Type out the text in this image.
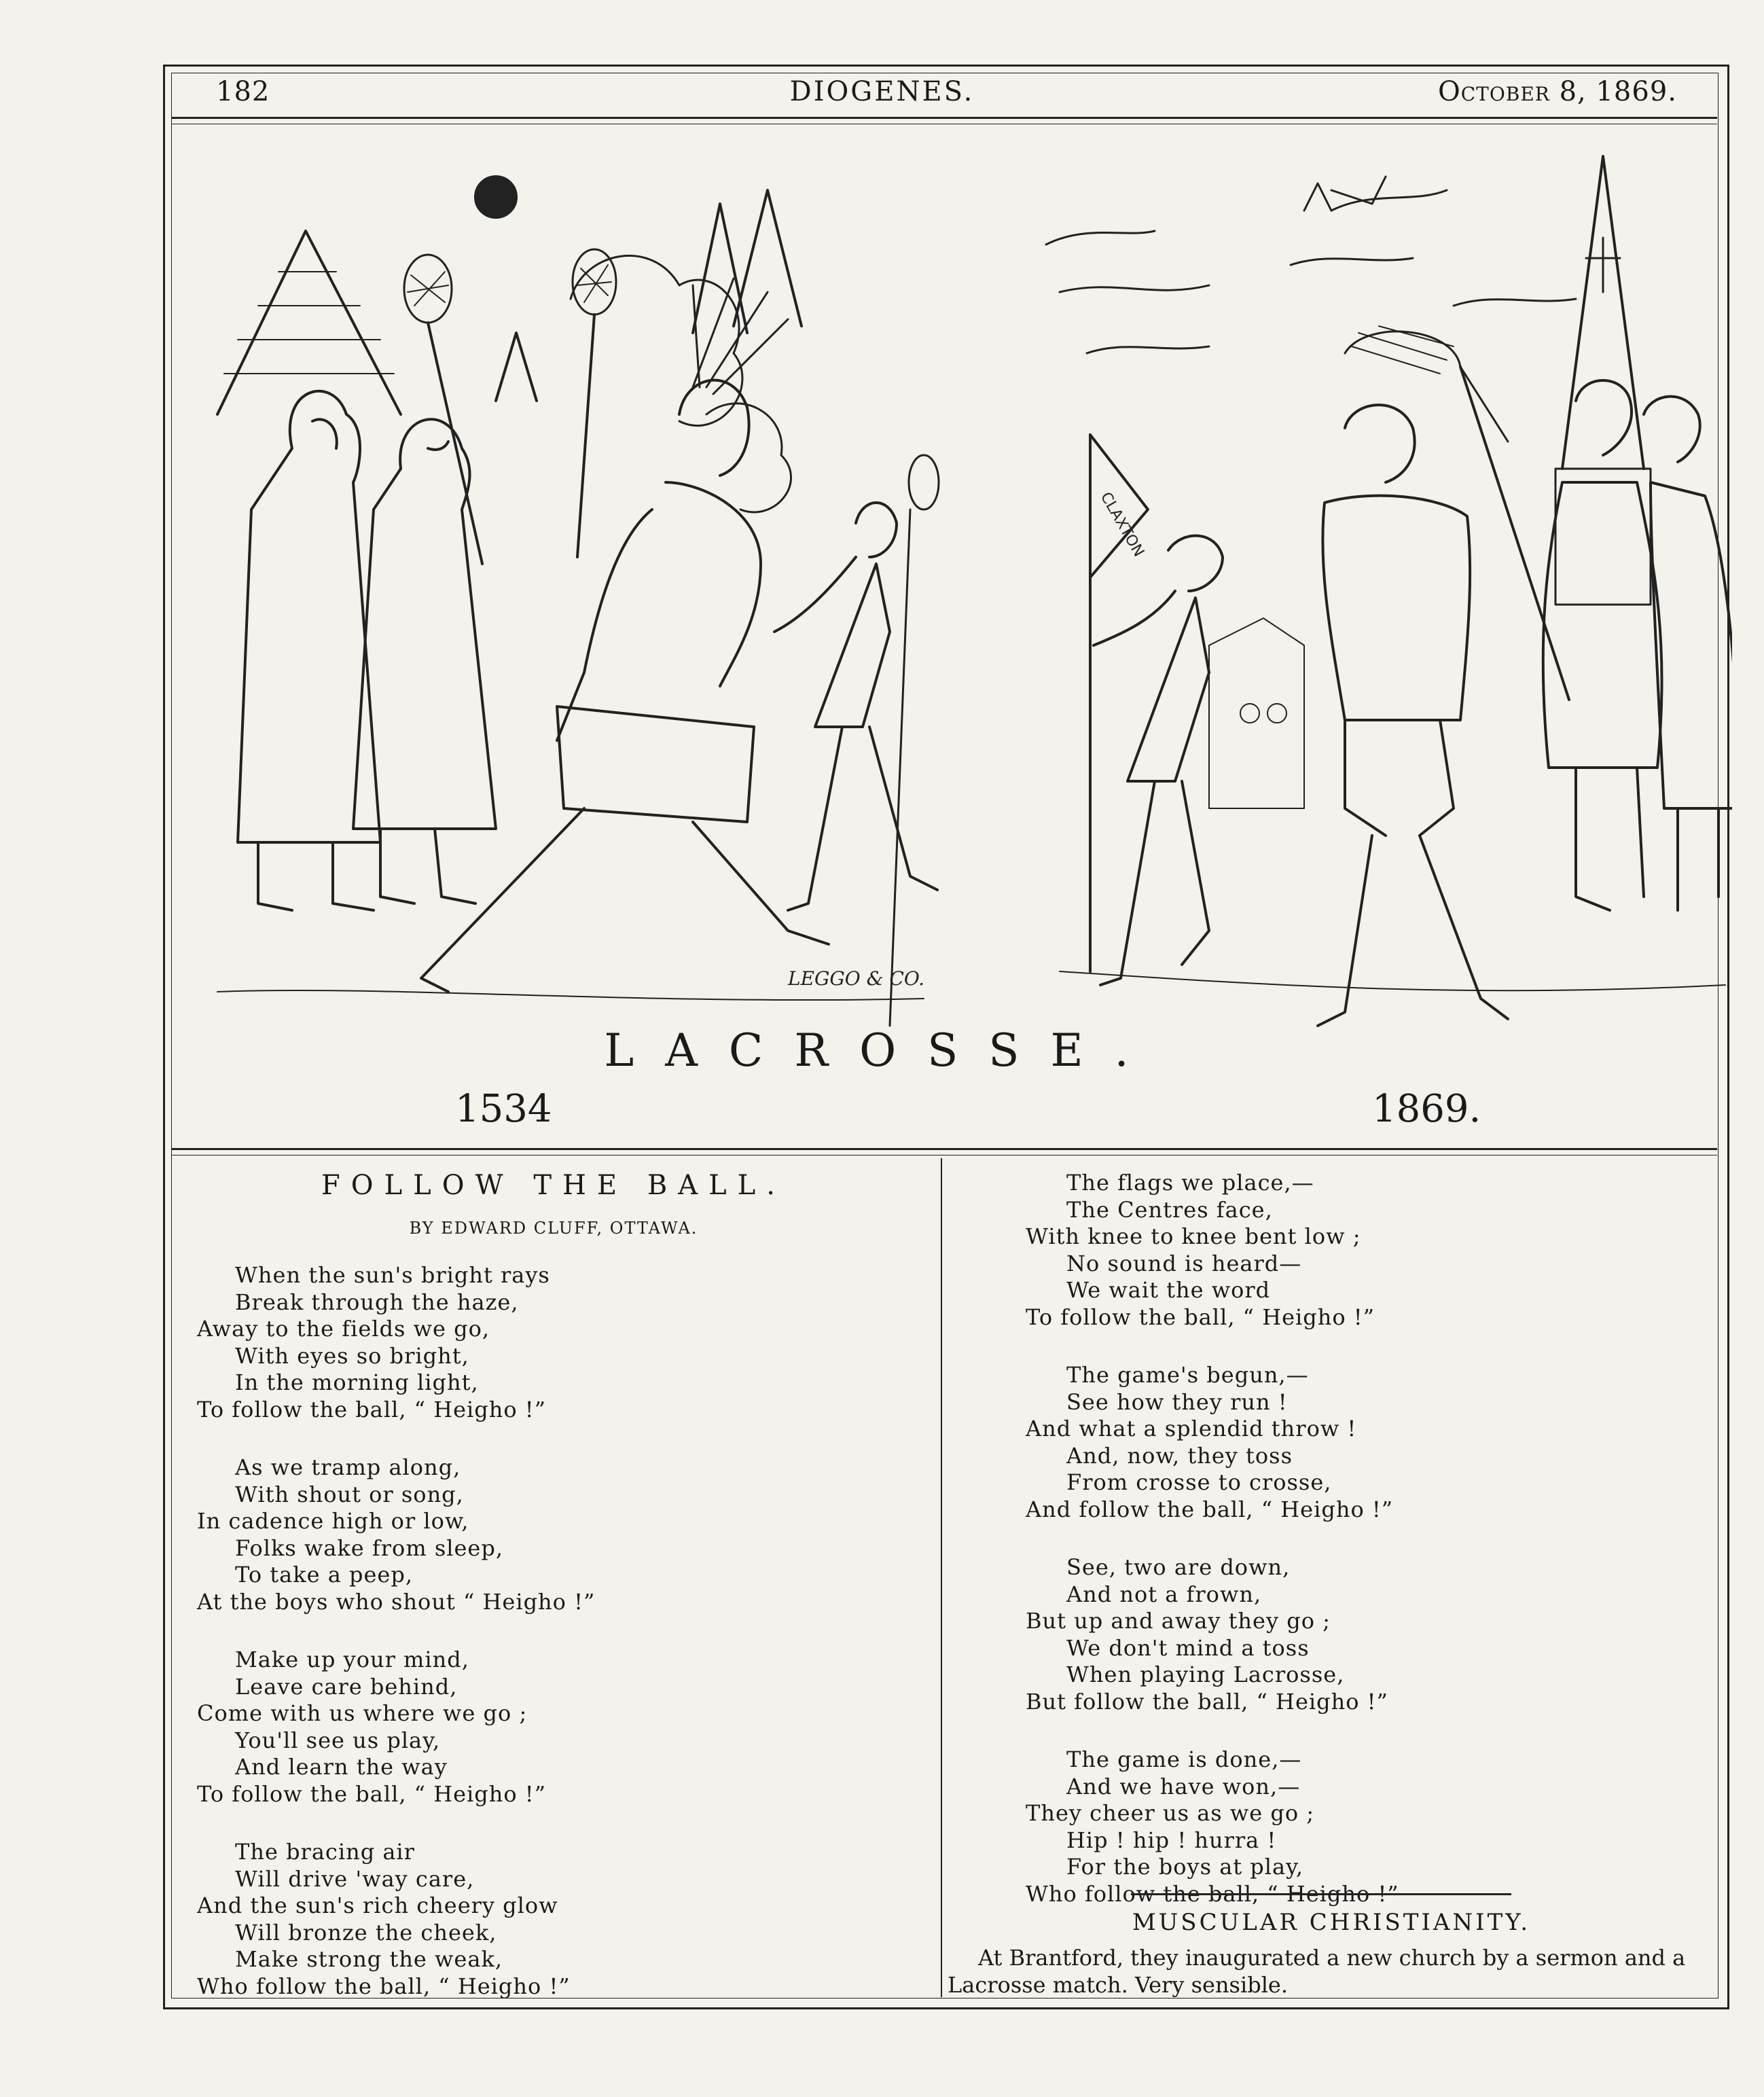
182	DIOGENES.	October 8, 1869.
LEGGO & CO.
CLAXTON
LACROSSE.
1534	1869.
FOLLOW THE BALL.
BY EDWARD CLUFF, OTTAWA.
When the sun's bright rays
Break through the haze,
Away to the fields we go,
With eyes so bright,
In the morning light,
To follow the ball, “ Heigho !”
As we tramp along,
With shout or song,
In cadence high or low,
Folks wake from sleep,
To take a peep,
At the boys who shout “ Heigho !”
Make up your mind,
Leave care behind,
Come with us where we go ;
You'll see us play,
And learn the way
To follow the ball, “ Heigho !”
The bracing air
Will drive 'way care,
And the sun's rich cheery glow
Will bronze the cheek,
Make strong the weak,
Who follow the ball, “ Heigho !”
The flags we place,—
The Centres face,
With knee to knee bent low ;
No sound is heard—
We wait the word
To follow the ball, “ Heigho !”
The game's begun,—
See how they run !
And what a splendid throw !
And, now, they toss
From crosse to crosse,
And follow the ball, “ Heigho !”
See, two are down,
And not a frown,
But up and away they go ;
We don't mind a toss
When playing Lacrosse,
But follow the ball, “ Heigho !”
The game is done,—
And we have won,—
They cheer us as we go ;
Hip ! hip ! hurra !
For the boys at play,
Who follow the ball, “ Heigho !”
MUSCULAR CHRISTIANITY.
At Brantford, they inaugurated a new church by a sermon and a Lacrosse match. Very sensible.
